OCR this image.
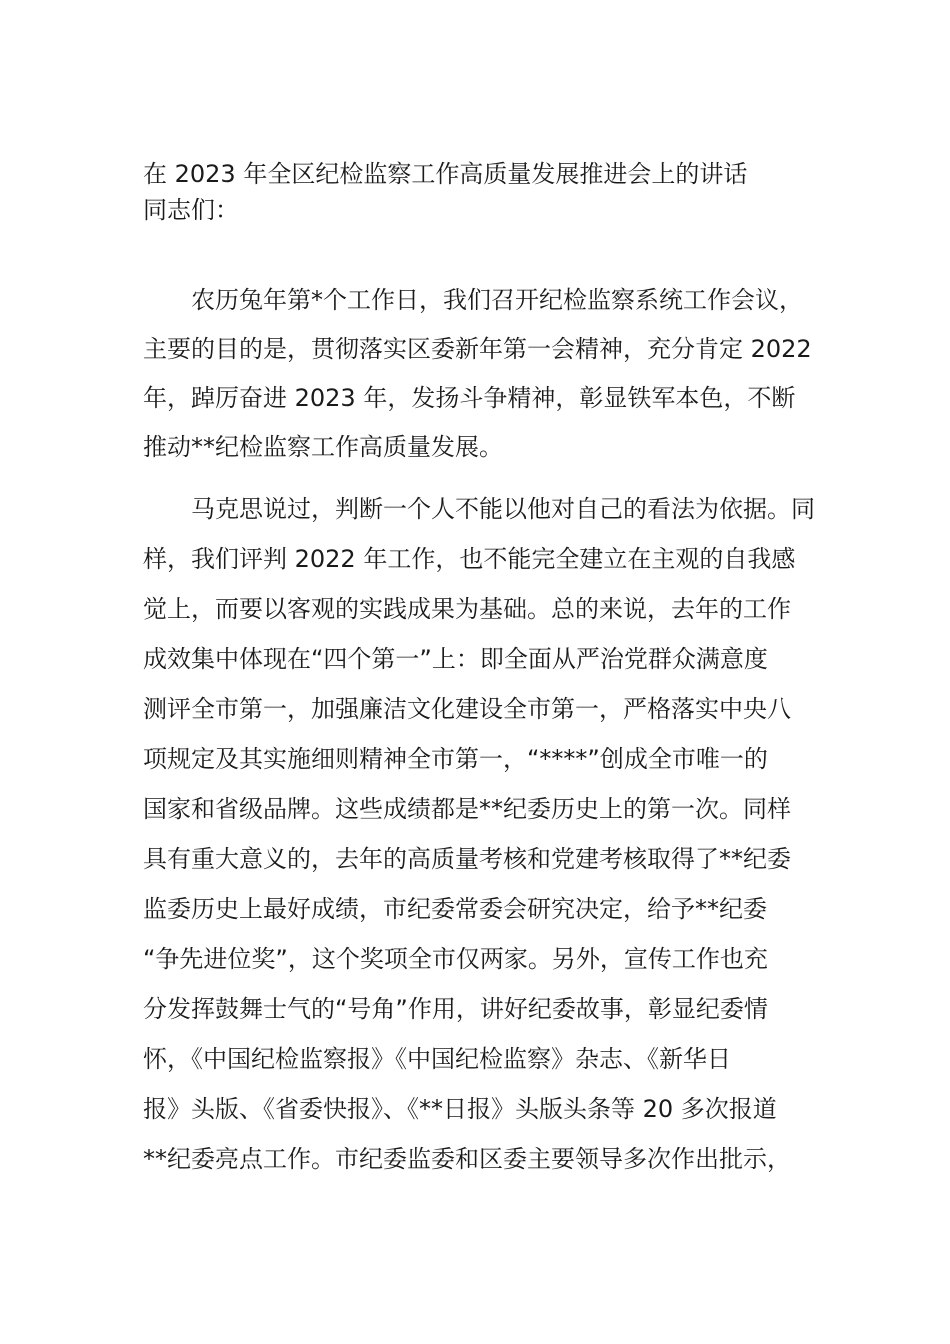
在 2023 年全区纪检监察工作高质量发展推进会上的讲话

同志们：

　　农历兔年第*个工作日，我们召开纪检监察系统工作会议，

主要的目的是，贯彻落实区委新年第一会精神，充分肯定 2022

年，踔厉奋进 2023 年，发扬斗争精神，彰显铁军本色，不断

推动**纪检监察工作高质量发展。

　　马克思说过，判断一个人不能以他对自己的看法为依据。同

样，我们评判 2022 年工作，也不能完全建立在主观的自我感

觉上，而要以客观的实践成果为基础。总的来说，去年的工作

成效集中体现在“四个第一”上：即全面从严治党群众满意度

测评全市第一，加强廉洁文化建设全市第一，严格落实中央八

项规定及其实施细则精神全市第一，“****”创成全市唯一的

国家和省级品牌。这些成绩都是**纪委历史上的第一次。同样

具有重大意义的，去年的高质量考核和党建考核取得了**纪委

监委历史上最好成绩，市纪委常委会研究决定，给予**纪委

“争先进位奖”，这个奖项全市仅两家。另外，宣传工作也充

分发挥鼓舞士气的“号角”作用，讲好纪委故事，彰显纪委情

怀，《中国纪检监察报》《中国纪检监察》杂志、《新华日

报》头版、《省委快报》、《**日报》头版头条等 20 多次报道

**纪委亮点工作。市纪委监委和区委主要领导多次作出批示，
